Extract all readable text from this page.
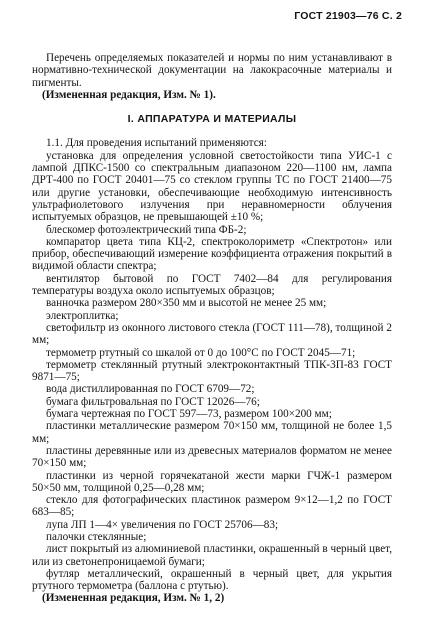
ГОСТ 21903—76 С. 2

Перечень определяемых показателей и нормы по ним устанавливают в нормативно-технической документации на лакокрасочные материалы и пигменты.

(Измененная редакция, Изм. № 1).

I. АППАРАТУРА И МАТЕРИАЛЫ

1.1. Для проведения испытаний применяются:

установка для определения условной светостойкости типа УИС-1 с лампой ДПКС-1500 со спектральным диапазоном 220—1100 нм, лампа ДРТ-400 по ГОСТ 20401—75 со стеклом группы ТС по ГОСТ 21400—75 или другие установки, обеспечивающие необходимую интенсивность ультрафиолетового излучения при неравномерности облучения испытуемых образцов, не превышающей ±10 %;

блескомер фотоэлектрический типа ФБ-2;

компаратор цвета типа КЦ-2, спектроколориметр «Спектротон» или прибор, обеспечивающий измерение коэффициента отражения покрытий в видимой области спектра;

вентилятор бытовой по ГОСТ 7402—84 для регулирования температуры воздуха около испытуемых образцов;

ванночка размером 280×350 мм и высотой не менее 25 мм;

электроплитка;

светофильтр из оконного листового стекла (ГОСТ 111—78), толщиной 2 мм;

термометр ртутный со шкалой от 0 до 100°С по ГОСТ 2045—71;

термометр стеклянный ртутный электроконтактный ТПК-3П-83 ГОСТ 9871—75;

вода дистиллированная по ГОСТ 6709—72;

бумага фильтровальная по ГОСТ 12026—76;

бумага чертежная по ГОСТ 597—73, размером 100×200 мм;

пластинки металлические размером 70×150 мм, толщиной не более 1,5 мм;

пластины деревянные или из древесных материалов форматом не менее 70×150 мм;

пластинки из черной горячекатаной жести марки ГЧЖ-1 размером 50×50 мм, толщиной 0,25—0,28 мм;

стекло для фотографических пластинок размером 9×12—1,2 по ГОСТ 683—85;

лупа ЛП 1—4× увеличения по ГОСТ 25706—83;

палочки стеклянные;

лист покрытый из алюминиевой пластинки, окрашенный в черный цвет, или из светонепроницаемой бумаги;

футляр металлический, окрашенный в черный цвет, для укрытия ртутного термометра (баллона с ртутью).

(Измененная редакция, Изм. № 1, 2)
